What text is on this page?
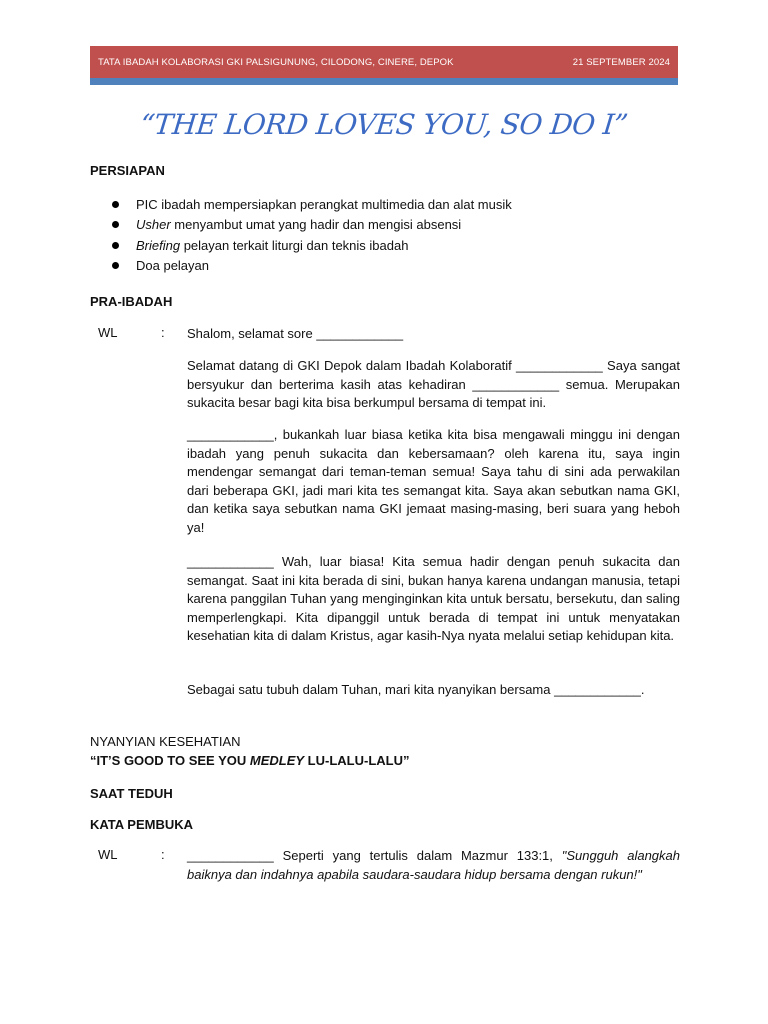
TATA IBADAH KOLABORASI GKI PALSIGUNUNG, CILODONG, CINERE, DEPOK	21 SEPTEMBER 2024
“THE LORD LOVES YOU, SO DO I”
PERSIAPAN
PIC ibadah mempersiapkan perangkat multimedia dan alat musik
Usher menyambut umat yang hadir dan mengisi absensi
Briefing pelayan terkait liturgi dan teknis ibadah
Doa pelayan
PRA-IBADAH
WL	: Shalom, selamat sore ____________

Selamat datang di GKI Depok dalam Ibadah Kolaboratif ____________ Saya sangat bersyukur dan berterima kasih atas kehadiran ____________ semua. Merupakan sukacita besar bagi kita bisa berkumpul bersama di tempat ini.

____________, bukankah luar biasa ketika kita bisa mengawali minggu ini dengan ibadah yang penuh sukacita dan kebersamaan? oleh karena itu, saya ingin mendengar semangat dari teman-teman semua! Saya tahu di sini ada perwakilan dari beberapa GKI, jadi mari kita tes semangat kita. Saya akan sebutkan nama GKI, dan ketika saya sebutkan nama GKI jemaat masing-masing, beri suara yang heboh ya!

____________ Wah, luar biasa! Kita semua hadir dengan penuh sukacita dan semangat. Saat ini kita berada di sini, bukan hanya karena undangan manusia, tetapi karena panggilan Tuhan yang menginginkan kita untuk bersatu, bersekutu, dan saling memperlengkapi. Kita dipanggil untuk berada di tempat ini untuk menyatakan kesehatian kita di dalam Kristus, agar kasih-Nya nyata melalui setiap kehidupan kita.

Sebagai satu tubuh dalam Tuhan, mari kita nyanyikan bersama ____________.

NYANYIAN KESEHATIAN
“IT’S GOOD TO SEE YOU MEDLEY LU-LALU-LALU”
SAAT TEDUH
KATA PEMBUKA
WL	: ____________ Seperti yang tertulis dalam Mazmur 133:1, "Sungguh alangkah baiknya dan indahnya apabila saudara-saudara hidup bersama dengan rukun!"
